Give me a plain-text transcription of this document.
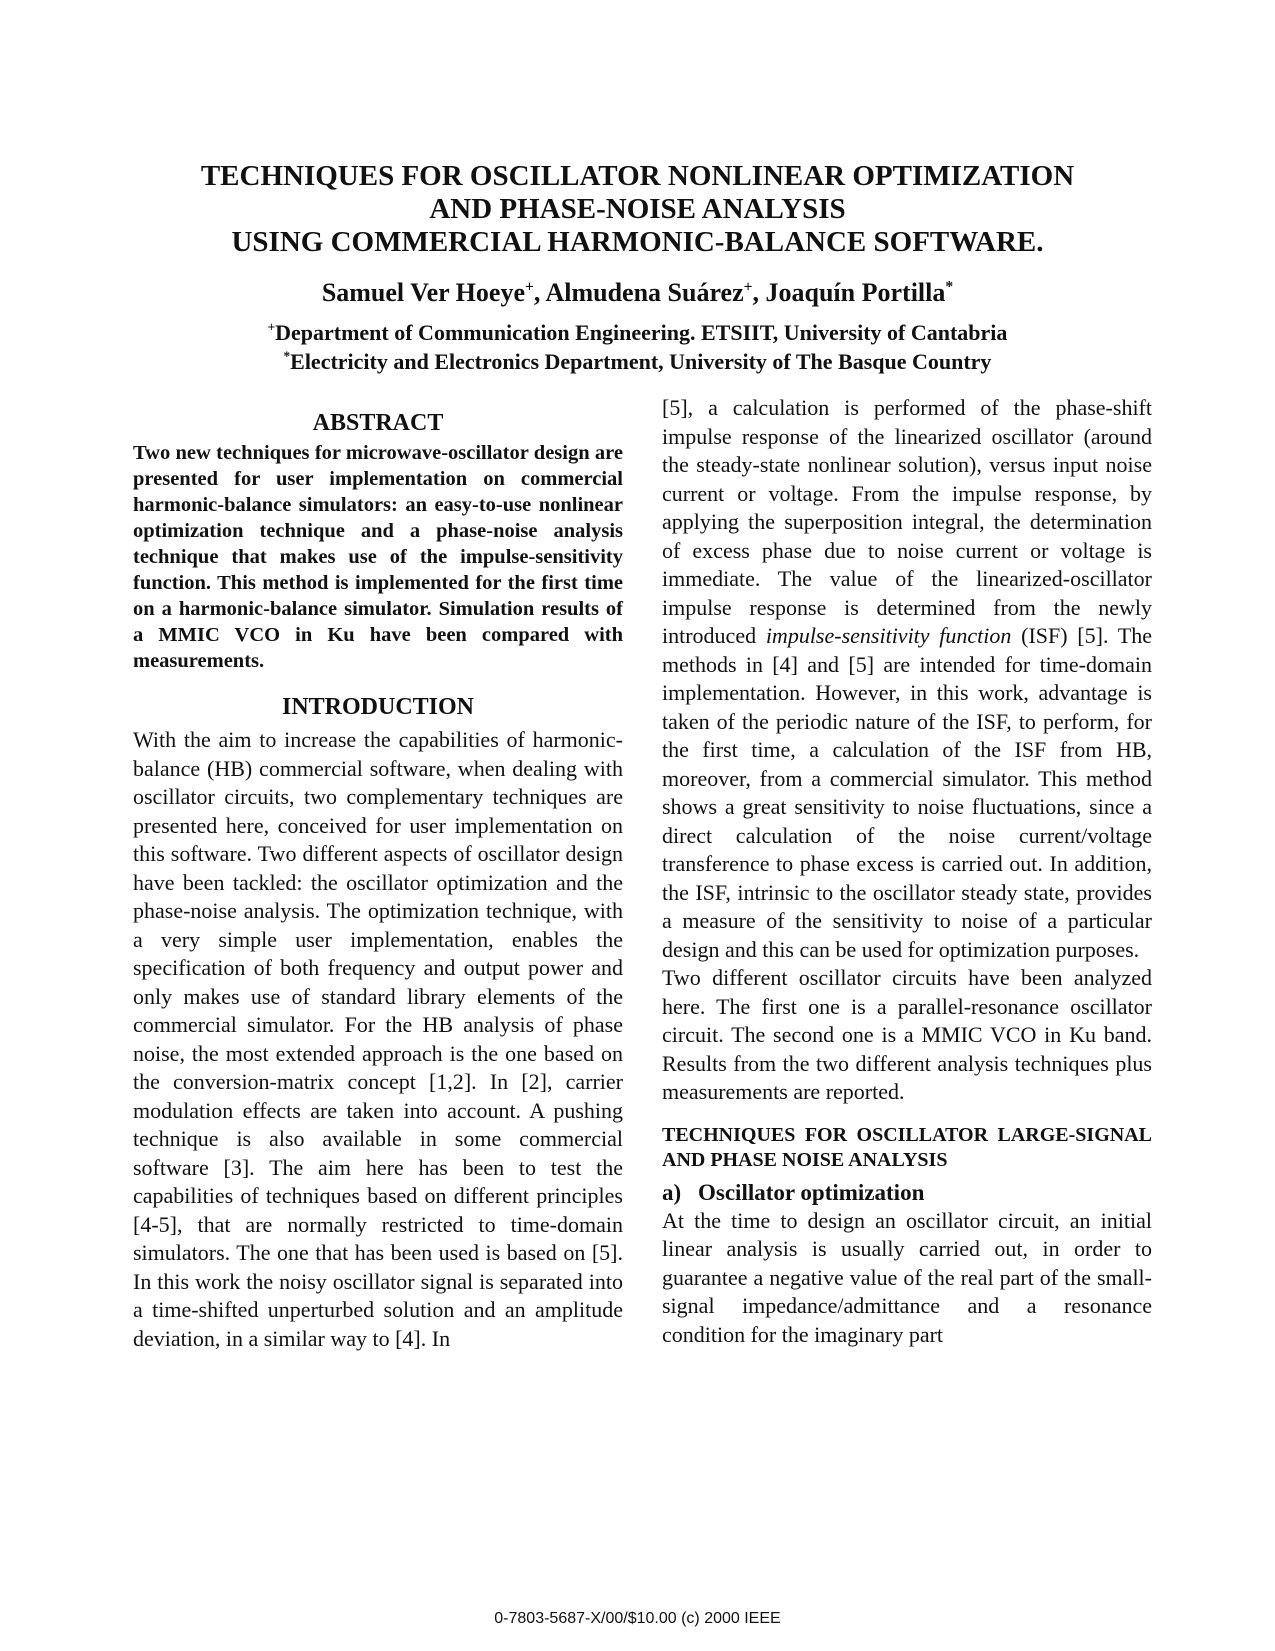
TECHNIQUES FOR OSCILLATOR NONLINEAR OPTIMIZATION
AND PHASE-NOISE ANALYSIS
USING COMMERCIAL HARMONIC-BALANCE SOFTWARE.
Samuel Ver Hoeye+, Almudena Suárez+, Joaquín Portilla*
+Department of Communication Engineering. ETSIIT, University of Cantabria
*Electricity and Electronics Department, University of The Basque Country
ABSTRACT

Two new techniques for microwave-oscillator design are presented for user implementation on commercial harmonic-balance simulators: an easy-to-use nonlinear optimization technique and a phase-noise analysis technique that makes use of the impulse-sensitivity function. This method is implemented for the first time on a harmonic-balance simulator. Simulation results of a MMIC VCO in Ku have been compared with measurements.

INTRODUCTION

With the aim to increase the capabilities of harmonic-balance (HB) commercial software, when dealing with oscillator circuits, two complementary techniques are presented here, conceived for user implementation on this software. Two different aspects of oscillator design have been tackled: the oscillator optimization and the phase-noise analysis. The optimization technique, with a very simple user implementation, enables the specification of both frequency and output power and only makes use of standard library elements of the commercial simulator. For the HB analysis of phase noise, the most extended approach is the one based on the conversion-matrix concept [1,2]. In [2], carrier modulation effects are taken into account. A pushing technique is also available in some commercial software [3]. The aim here has been to test the capabilities of techniques based on different principles [4-5], that are normally restricted to time-domain simulators. The one that has been used is based on [5]. In this work the noisy oscillator signal is separated into a time-shifted unperturbed solution and an amplitude deviation, in a similar way to [4]. In

[5], a calculation is performed of the phase-shift impulse response of the linearized oscillator (around the steady-state nonlinear solution), versus input noise current or voltage. From the impulse response, by applying the superposition integral, the determination of excess phase due to noise current or voltage is immediate. The value of the linearized-oscillator impulse response is determined from the newly introduced impulse-sensitivity function (ISF) [5]. The methods in [4] and [5] are intended for time-domain implementation. However, in this work, advantage is taken of the periodic nature of the ISF, to perform, for the first time, a calculation of the ISF from HB, moreover, from a commercial simulator. This method shows a great sensitivity to noise fluctuations, since a direct calculation of the noise current/voltage transference to phase excess is carried out. In addition, the ISF, intrinsic to the oscillator steady state, provides a measure of the sensitivity to noise of a particular design and this can be used for optimization purposes.

Two different oscillator circuits have been analyzed here. The first one is a parallel-resonance oscillator circuit. The second one is a MMIC VCO in Ku band. Results from the two different analysis techniques plus measurements are reported.

TECHNIQUES FOR OSCILLATOR LARGE-SIGNAL AND PHASE NOISE ANALYSIS
a) Oscillator optimization

At the time to design an oscillator circuit, an initial linear analysis is usually carried out, in order to guarantee a negative value of the real part of the small-signal impedance/admittance and a resonance condition for the imaginary part

0-7803-5687-X/00/$10.00 (c) 2000 IEEE
